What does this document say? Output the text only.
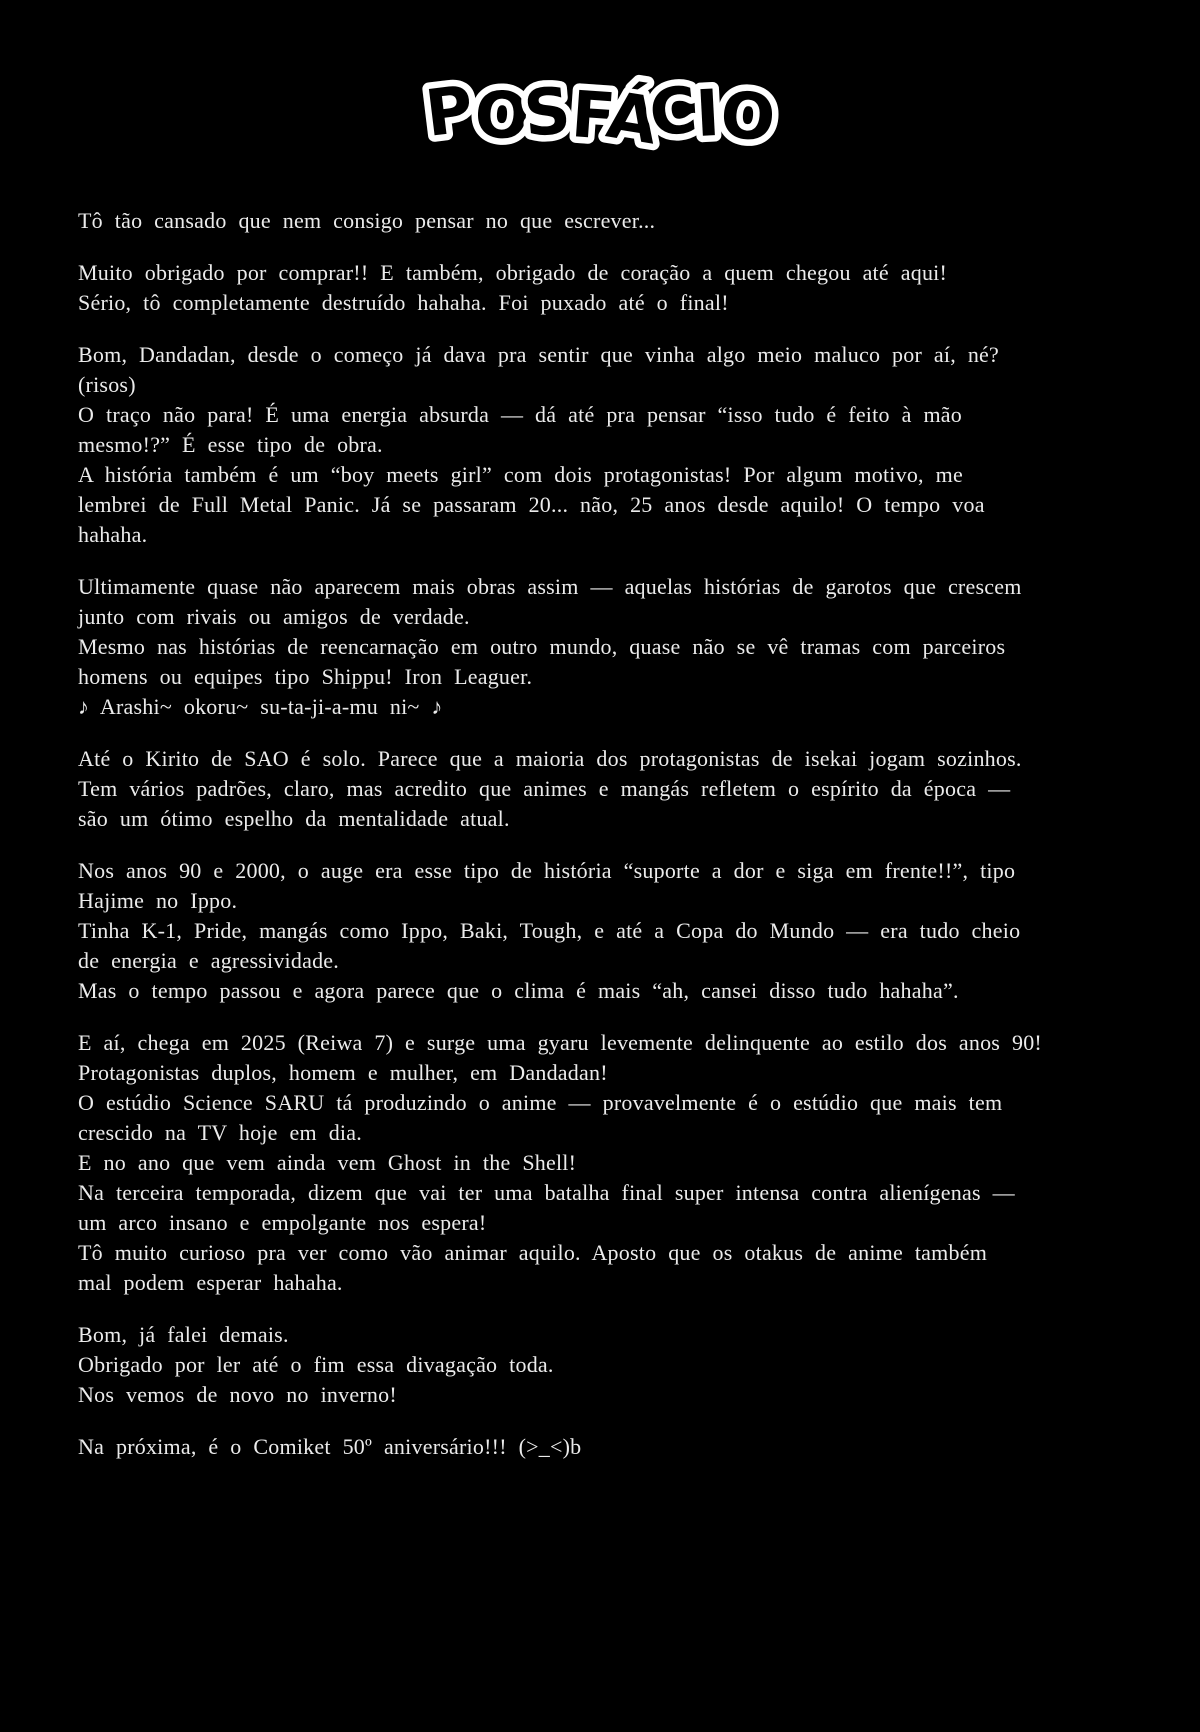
POSFÁCIO

Tô tão cansado que nem consigo pensar no que escrever...

Muito obrigado por comprar!! E também, obrigado de coração a quem chegou até aqui!

Sério, tô completamente destruído hahaha. Foi puxado até o final!

Bom, Dandadan, desde o começo já dava pra sentir que vinha algo meio maluco por aí, né?

(risos)

O traço não para! É uma energia absurda — dá até pra pensar “isso tudo é feito à mão

mesmo!?” É esse tipo de obra.

A história também é um “boy meets girl” com dois protagonistas! Por algum motivo, me

lembrei de Full Metal Panic. Já se passaram 20... não, 25 anos desde aquilo! O tempo voa

hahaha.

Ultimamente quase não aparecem mais obras assim — aquelas histórias de garotos que crescem

junto com rivais ou amigos de verdade.

Mesmo nas histórias de reencarnação em outro mundo, quase não se vê tramas com parceiros

homens ou equipes tipo Shippu! Iron Leaguer.

♪ Arashi~ okoru~ su-ta-ji-a-mu ni~ ♪

Até o Kirito de SAO é solo. Parece que a maioria dos protagonistas de isekai jogam sozinhos.

Tem vários padrões, claro, mas acredito que animes e mangás refletem o espírito da época —

são um ótimo espelho da mentalidade atual.

Nos anos 90 e 2000, o auge era esse tipo de história “suporte a dor e siga em frente!!”, tipo

Hajime no Ippo.

Tinha K-1, Pride, mangás como Ippo, Baki, Tough, e até a Copa do Mundo — era tudo cheio

de energia e agressividade.

Mas o tempo passou e agora parece que o clima é mais “ah, cansei disso tudo hahaha”.

E aí, chega em 2025 (Reiwa 7) e surge uma gyaru levemente delinquente ao estilo dos anos 90!

Protagonistas duplos, homem e mulher, em Dandadan!

O estúdio Science SARU tá produzindo o anime — provavelmente é o estúdio que mais tem

crescido na TV hoje em dia.

E no ano que vem ainda vem Ghost in the Shell!

Na terceira temporada, dizem que vai ter uma batalha final super intensa contra alienígenas —

um arco insano e empolgante nos espera!

Tô muito curioso pra ver como vão animar aquilo. Aposto que os otakus de anime também

mal podem esperar hahaha.

Bom, já falei demais.

Obrigado por ler até o fim essa divagação toda.

Nos vemos de novo no inverno!

Na próxima, é o Comiket 50º aniversário!!! (>_<)b
